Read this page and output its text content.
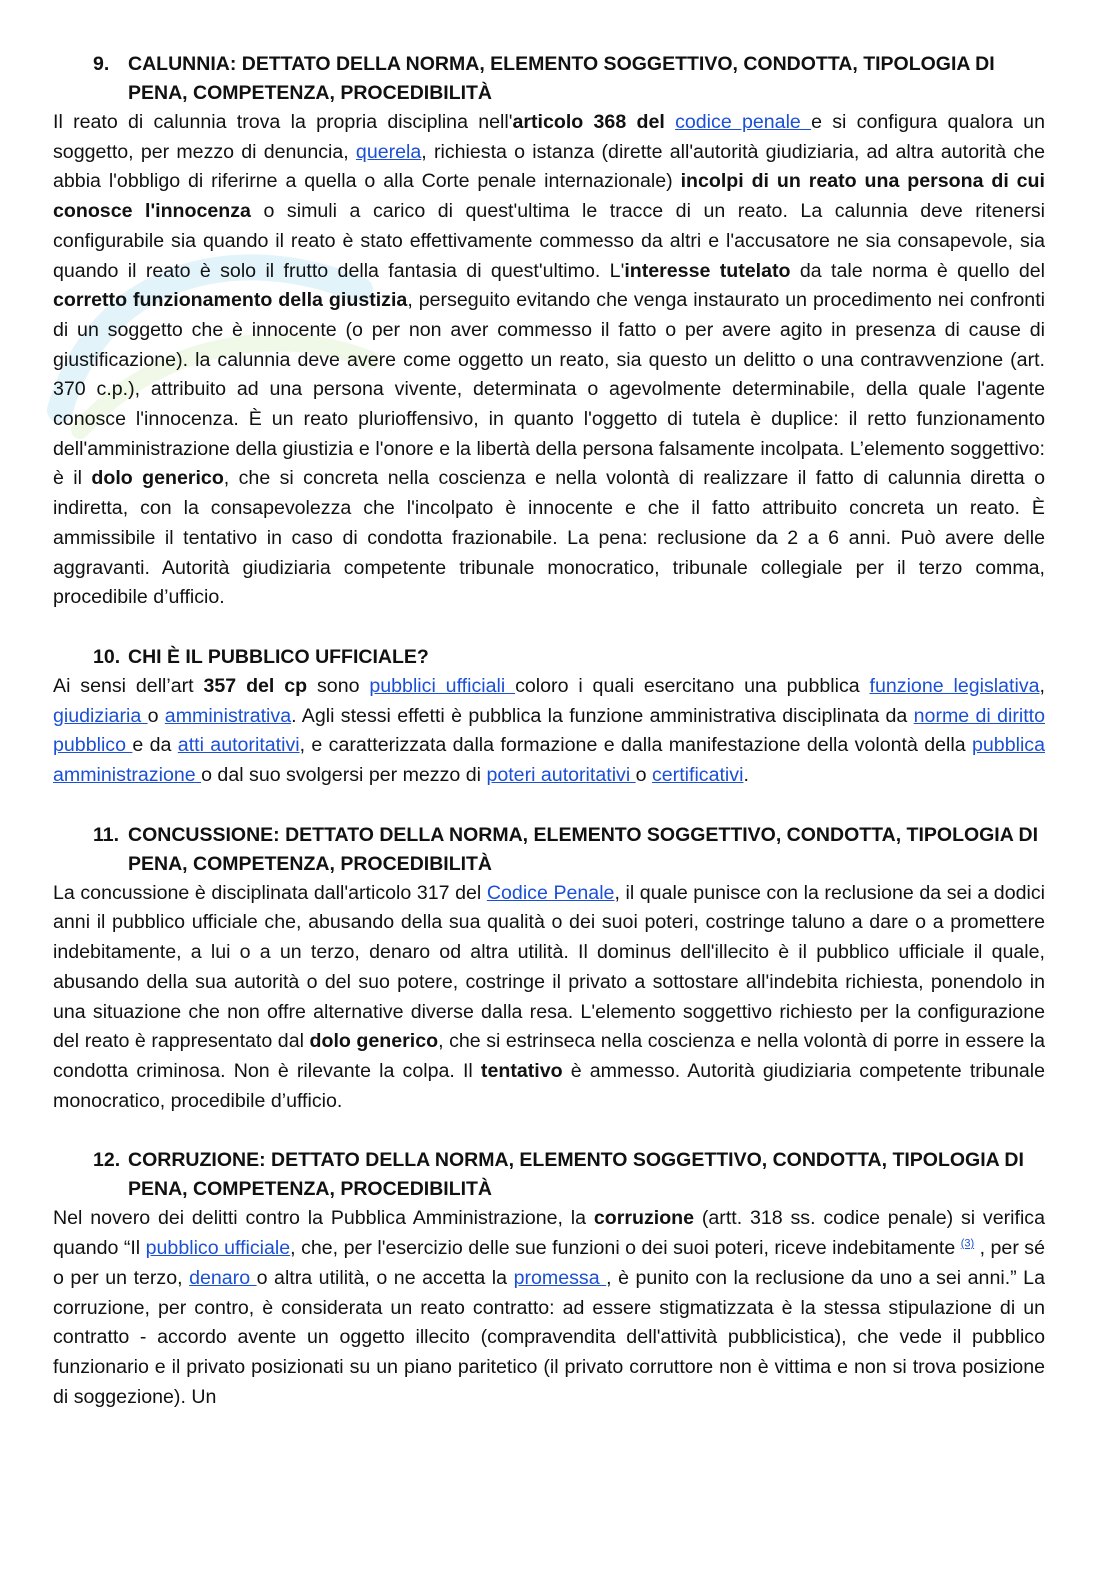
9. CALUNNIA: DETTATO DELLA NORMA, ELEMENTO SOGGETTIVO, CONDOTTA, TIPOLOGIA DI PENA, COMPETENZA, PROCEDIBILITÀ

Il reato di calunnia trova la propria disciplina nell'articolo 368 del codice penale e si configura qualora un soggetto, per mezzo di denuncia, querela, richiesta o istanza (dirette all'autorità giudiziaria, ad altra autorità che abbia l'obbligo di riferirne a quella o alla Corte penale internazionale) incolpi di un reato una persona di cui conosce l'innocenza o simuli a carico di quest'ultima le tracce di un reato. La calunnia deve ritenersi configurabile sia quando il reato è stato effettivamente commesso da altri e l'accusatore ne sia consapevole, sia quando il reato è solo il frutto della fantasia di quest'ultimo. L'interesse tutelato da tale norma è quello del corretto funzionamento della giustizia, perseguito evitando che venga instaurato un procedimento nei confronti di un soggetto che è innocente (o per non aver commesso il fatto o per avere agito in presenza di cause di giustificazione). la calunnia deve avere come oggetto un reato, sia questo un delitto o una contravvenzione (art. 370 c.p.), attribuito ad una persona vivente, determinata o agevolmente determinabile, della quale l'agente conosce l'innocenza. È un reato plurioffensivo, in quanto l'oggetto di tutela è duplice: il retto funzionamento dell'amministrazione della giustizia e l'onore e la libertà della persona falsamente incolpata. L’elemento soggettivo: è il dolo generico, che si concreta nella coscienza e nella volontà di realizzare il fatto di calunnia diretta o indiretta, con la consapevolezza che l'incolpato è innocente e che il fatto attribuito concreta un reato. È ammissibile il tentativo in caso di condotta frazionabile. La pena: reclusione da 2 a 6 anni. Può avere delle aggravanti. Autorità giudiziaria competente tribunale monocratico, tribunale collegiale per il terzo comma, procedibile d’ufficio.

10. CHI È IL PUBBLICO UFFICIALE?

Ai sensi dell’art 357 del cp sono pubblici ufficiali coloro i quali esercitano una pubblica funzione legislativa, giudiziaria o amministrativa. Agli stessi effetti è pubblica la funzione amministrativa disciplinata da norme di diritto pubblico e da atti autoritativi, e caratterizzata dalla formazione e dalla manifestazione della volontà della pubblica amministrazione o dal suo svolgersi per mezzo di poteri autoritativi o certificativi.

11. CONCUSSIONE: DETTATO DELLA NORMA, ELEMENTO SOGGETTIVO, CONDOTTA, TIPOLOGIA DI PENA, COMPETENZA, PROCEDIBILITÀ

La concussione è disciplinata dall'articolo 317 del Codice Penale, il quale punisce con la reclusione da sei a dodici anni il pubblico ufficiale che, abusando della sua qualità o dei suoi poteri, costringe taluno a dare o a promettere indebitamente, a lui o a un terzo, denaro od altra utilità. Il dominus dell'illecito è il pubblico ufficiale il quale, abusando della sua autorità o del suo potere, costringe il privato a sottostare all'indebita richiesta, ponendolo in una situazione che non offre alternative diverse dalla resa. L'elemento soggettivo richiesto per la configurazione del reato è rappresentato dal dolo generico, che si estrinseca nella coscienza e nella volontà di porre in essere la condotta criminosa. Non è rilevante la colpa. Il tentativo è ammesso. Autorità giudiziaria competente tribunale monocratico, procedibile d’ufficio.

12. CORRUZIONE: DETTATO DELLA NORMA, ELEMENTO SOGGETTIVO, CONDOTTA, TIPOLOGIA DI PENA, COMPETENZA, PROCEDIBILITÀ

Nel novero dei delitti contro la Pubblica Amministrazione, la corruzione (artt. 318 ss. codice penale) si verifica quando “Il pubblico ufficiale, che, per l'esercizio delle sue funzioni o dei suoi poteri, riceve indebitamente $^{(3)}$ , per sé o per un terzo, denaro o altra utilità, o ne accetta la promessa , è punito con la reclusione da uno a sei anni.” La corruzione, per contro, è considerata un reato contratto: ad essere stigmatizzata è la stessa stipulazione di un contratto - accordo avente un oggetto illecito (compravendita dell'attività pubblicistica), che vede il pubblico funzionario e il privato posizionati su un piano paritetico (il privato corruttore non è vittima e non si trova posizione di soggezione). Un
